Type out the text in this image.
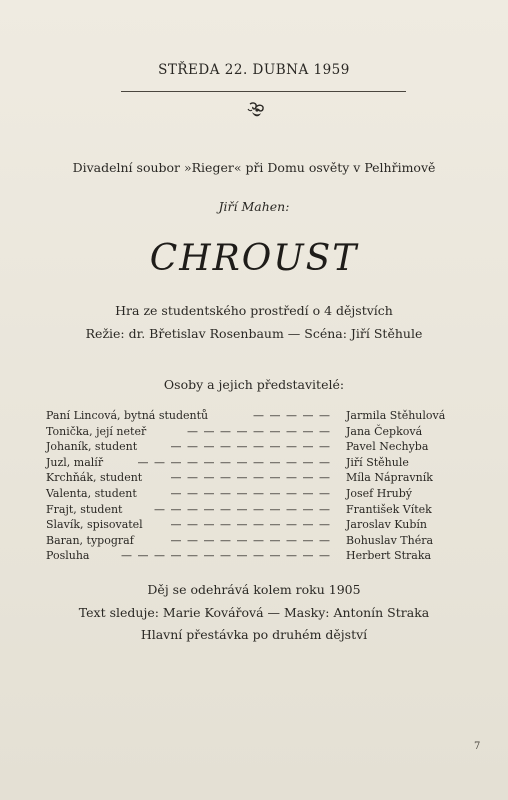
STŘEDA 22. DUBNA 1959
Divadelní soubor »Rieger« při Domu osvěty v Pelhřimově
Jiří Mahen:
CHROUST
Hra ze studentského prostředí o 4 dějstvích
Režie: dr. Břetislav Rosenbaum — Scéna: Jiří Stěhule
Osoby a jejich představitelé:
Paní Lincová, bytná studentů	— — — — — Jarmila Stěhulová
Tonička, její neteř	— — — — — — — — — Jana Čepková
Johaník, student	— — — — — — — — — — Pavel Nechyba
Juzl, malíř	— — — — — — — — — — — — Jiří Stěhule
Krchňák, student	— — — — — — — — — — Míla Nápravník
Valenta, student	— — — — — — — — — — Josef Hrubý
Frajt, student	— — — — — — — — — — — František Vítek
Slavík, spisovatel	— — — — — — — — — — Jaroslav Kubín
Baran, typograf	— — — — — — — — — — Bohuslav Théra
Posluha	— — — — — — — — — — — — — Herbert Straka
Děj se odehrává kolem roku 1905
Text sleduje: Marie Kovářová — Masky: Antonín Straka
Hlavní přestávka po druhém dějství
7
